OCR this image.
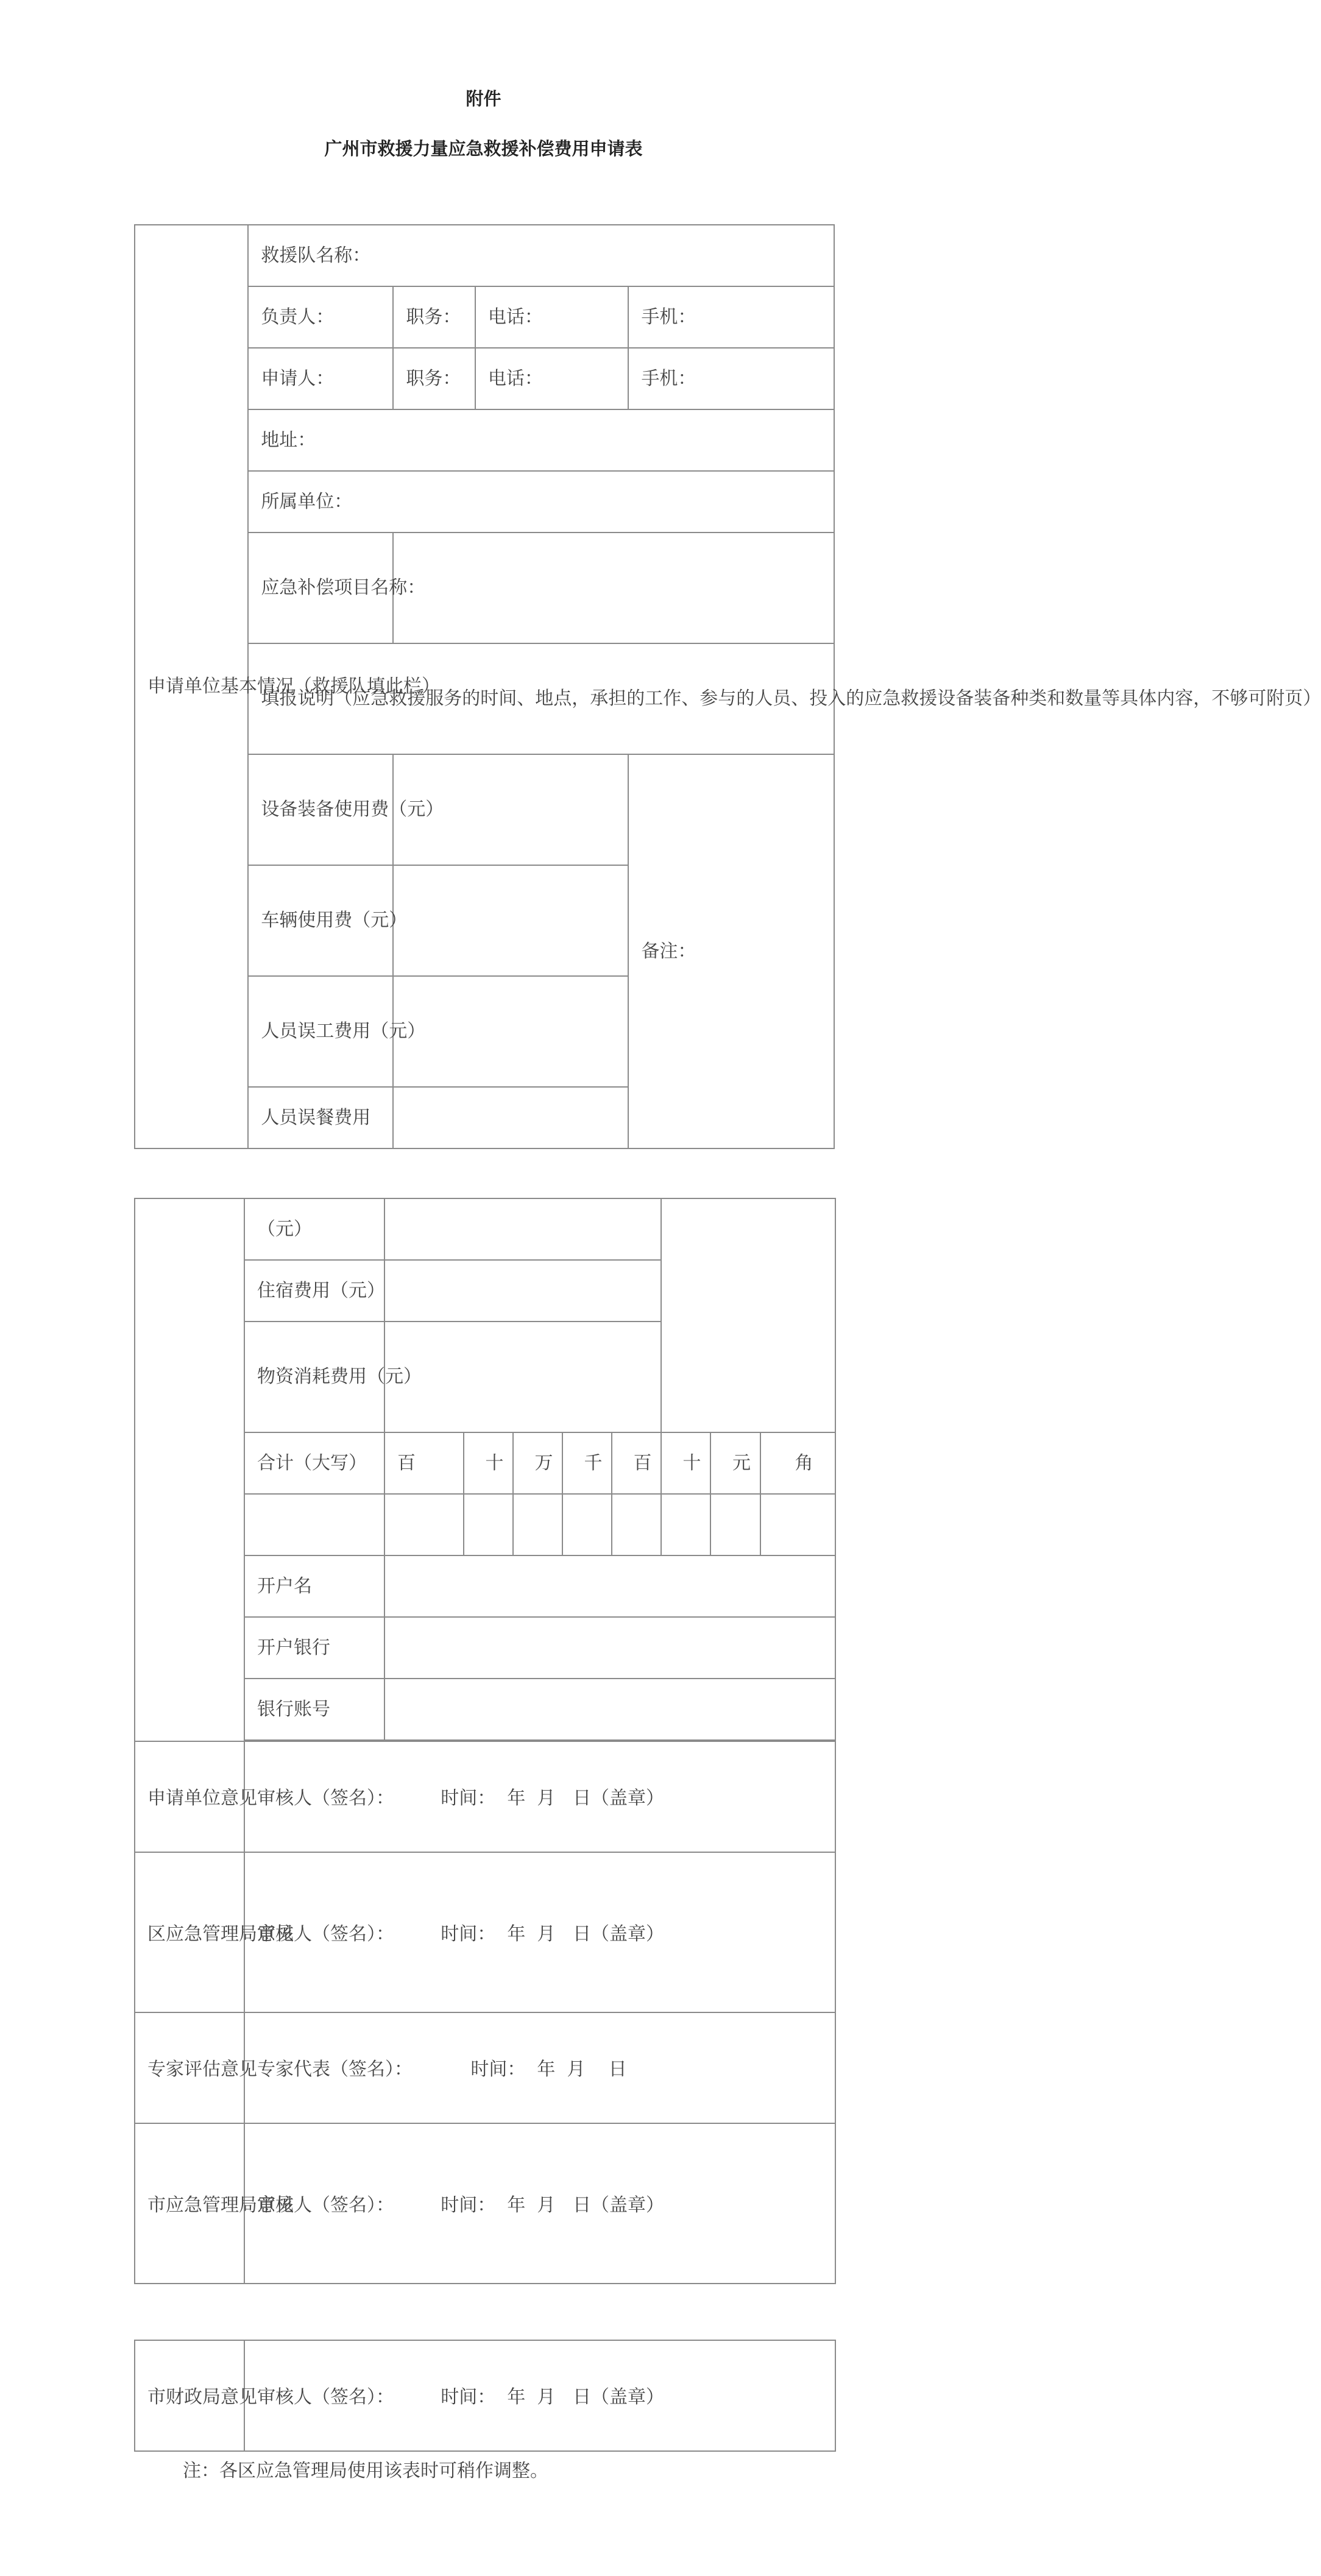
附件
广州市救援力量应急救援补偿费用申请表
申请单位基本情况（救援队填此栏）	救援队名称：			
	负责人：	职务：	电话：	手机：
	申请人：	职务：	电话：	手机：
	地址：			
	所属单位：			
	应急补偿项目名称：			
	填报说明（应急救援服务的时间、地点，承担的工作、参与的人员、投入的应急救援设备装备种类和数量等具体内容，不够可附页）			
	设备装备使用费（元）			备注：
	车辆使用费（元）			
	人员误工费用（元）			
	人员误餐费用			
	（元）								
	住宿费用（元）								
	物资消耗费用（元）								
	合计（大写）	百	十	万	千	百	十	元	角

	开户名								
	开户银行								
	银行账号								

申请单位意见	审核人（签名）：        时间：  年  月   日（盖章）								
区应急管理局意见	审核人（签名）：        时间：  年  月   日（盖章）								
专家评估意见	专家代表（签名）：          时间：  年  月    日								
市应急管理局意见	审核人（签名）：        时间：  年  月   日（盖章）								
市财政局意见	审核人（签名）：        时间：  年  月   日（盖章）
注：各区应急管理局使用该表时可稍作调整。
